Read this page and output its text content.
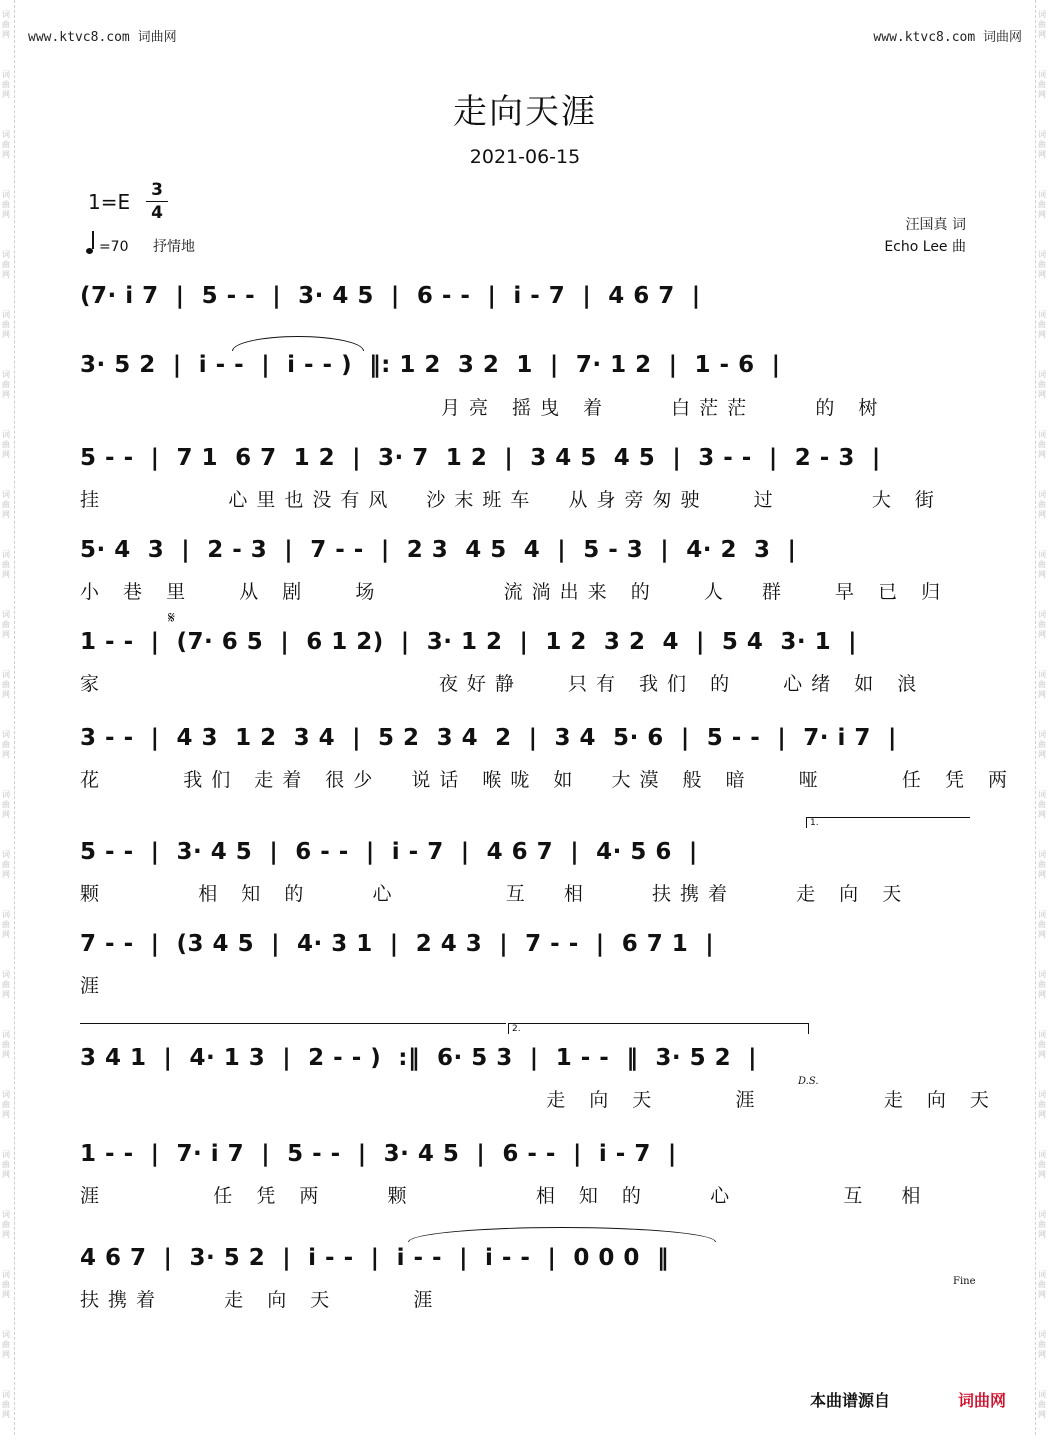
www.ktvc8.com 词曲网	www.ktvc8.com 词曲网
走向天涯
2021-06-15
1=E 3
4
=70 抒情地
汪国真 词
Echo Lee 曲
(7· i 7  |  5 - -  |  3· 4 5  |  6 - -  |  i - 7  |  4 6 7  |
3· 5 2  |  i - -  |  i - - )  ‖: 1 2  3 2  1  |  7· 1 2  |  1 - 6  |
月亮 摇曳 着    白茫茫    的 树
5 - -  |  7 1  6 7  1 2  |  3· 7  1 2  |  3 4 5  4 5  |  3 - -  |  2 - 3  |
挂        心里也没有风  沙末班车  从身旁匆驶   过      大 街
5· 4  3  |  2 - 3  |  7 - -  |  2 3  4 5  4  |  5 - 3  |  4· 2  3  |
小 巷 里   从 剧   场        流淌出来 的   人  群   早 已 归
𝄋
1 - -  |  (7· 6 5  |  6 1 2)  |  3· 1 2  |  1 2  3 2  4  |  5 4  3· 1  |
家                      夜好静   只有 我们 的   心绪 如 浪
3 - -  |  4 3  1 2  3 4  |  5 2  3 4  2  |  3 4  5· 6  |  5 - -  |  7· i 7  |
花     我们 走着 很少  说话 喉咙 如  大漠 般 暗   哑     任 凭 两
1.
5 - -  |  3· 4 5  |  6 - -  |  i - 7  |  4 6 7  |  4· 5 6  |
颗      相 知 的    心       互  相    扶携着    走 向 天
7 - -  |  (3 4 5  |  4· 3 1  |  2 4 3  |  7 - -  |  6 7 1  |
涯
2.
3 4 1  |  4· 1 3  |  2 - - )  :‖  6· 5 3  |  1 - -  ‖  3· 5 2  |
D.S.
走 向 天     涯        走 向 天
1 - -  |  7· i 7  |  5 - -  |  3· 4 5  |  6 - -  |  i - 7  |
涯       任 凭 两    颗        相 知 的    心       互  相
4 6 7  |  3· 5 2  |  i - -  |  i - -  |  i - -  |  0 0 0  ‖
Fine
扶携着    走 向 天     涯
本曲谱源自	词曲网
词曲网
词曲网
词曲网
词曲网
词曲网
词曲网
词曲网
词曲网
词曲网
词曲网
词曲网
词曲网
词曲网
词曲网
词曲网
词曲网
词曲网
词曲网
词曲网
词曲网
词曲网
词曲网
词曲网
词曲网
词曲网
词曲网
词曲网
词曲网
词曲网
词曲网
词曲网
词曲网
词曲网
词曲网
词曲网
词曲网
词曲网
词曲网
词曲网
词曲网
词曲网
词曲网
词曲网
词曲网
词曲网
词曲网
词曲网
词曲网
